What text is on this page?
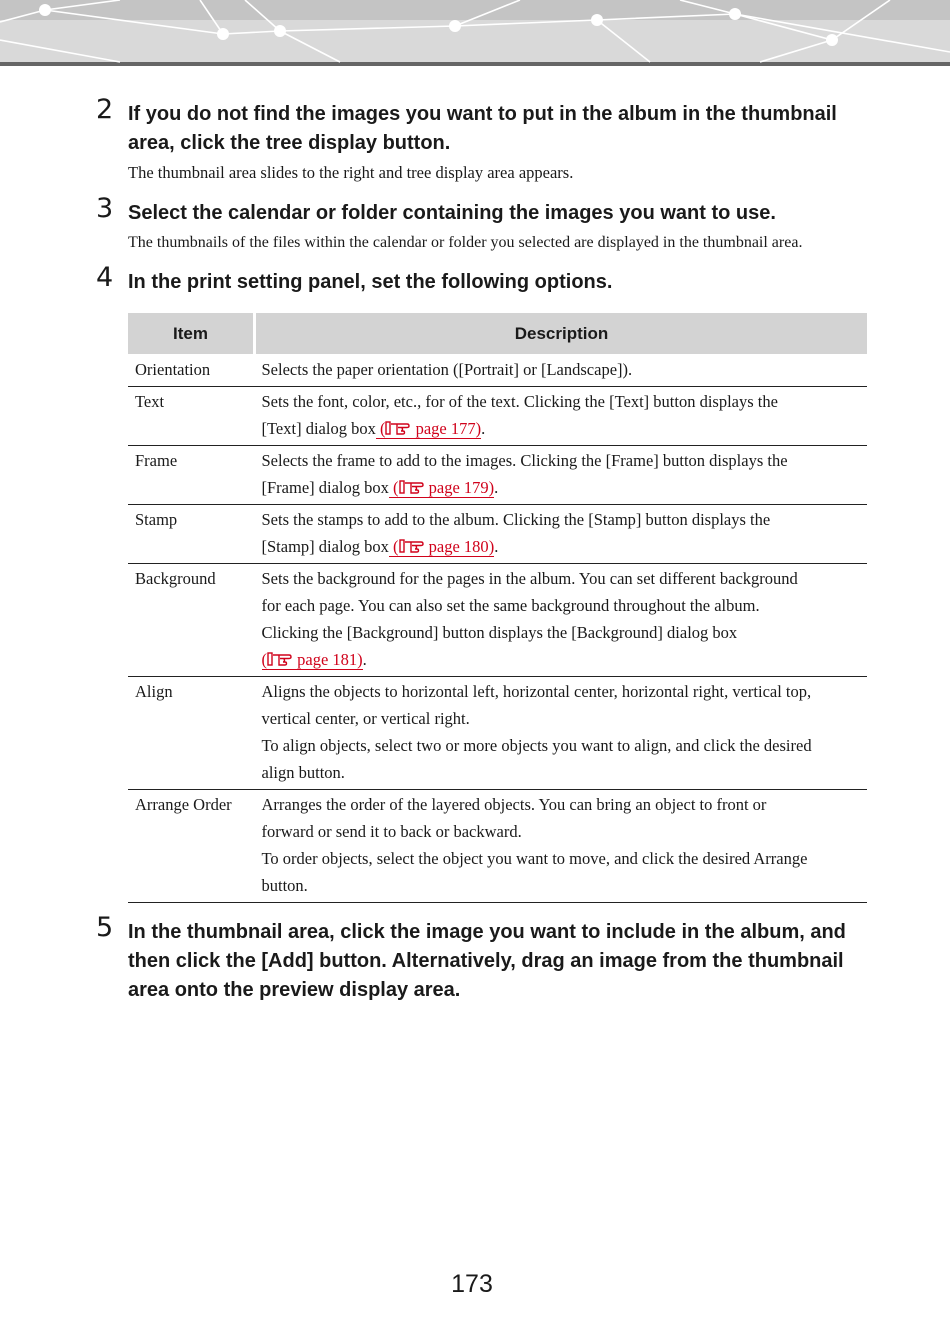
2 If you do not find the images you want to put in the album in the thumbnail area, click the tree display button.
The thumbnail area slides to the right and tree display area appears.
3 Select the calendar or folder containing the images you want to use.
The thumbnails of the files within the calendar or folder you selected are displayed in the thumbnail area.
4 In the print setting panel, set the following options.
Item	Description
Orientation	Selects the paper orientation ([Portrait] or [Landscape]).

Text	Sets the font, color, etc., for of the text. Clicking the [Text] button displays the
[Text] dialog box ( page 177).

Frame	Selects the frame to add to the images. Clicking the [Frame] button displays the
[Frame] dialog box ( page 179).

Stamp	Sets the stamps to add to the album. Clicking the [Stamp] button displays the
[Stamp] dialog box ( page 180).

Background	Sets the background for the pages in the album. You can set different background
for each page. You can also set the same background throughout the album.
Clicking the [Background] button displays the [Background] dialog box
( page 181).

Align	Aligns the objects to horizontal left, horizontal center, horizontal right, vertical top,
vertical center, or vertical right.
To align objects, select two or more objects you want to align, and click the desired
align button.

Arrange Order	Arranges the order of the layered objects. You can bring an object to front or
forward or send it to back or backward.
To order objects, select the object you want to move, and click the desired Arrange
button.
5 In the thumbnail area, click the image you want to include in the album, and then click the [Add] button. Alternatively, drag an image from the thumbnail area onto the preview display area.
173
